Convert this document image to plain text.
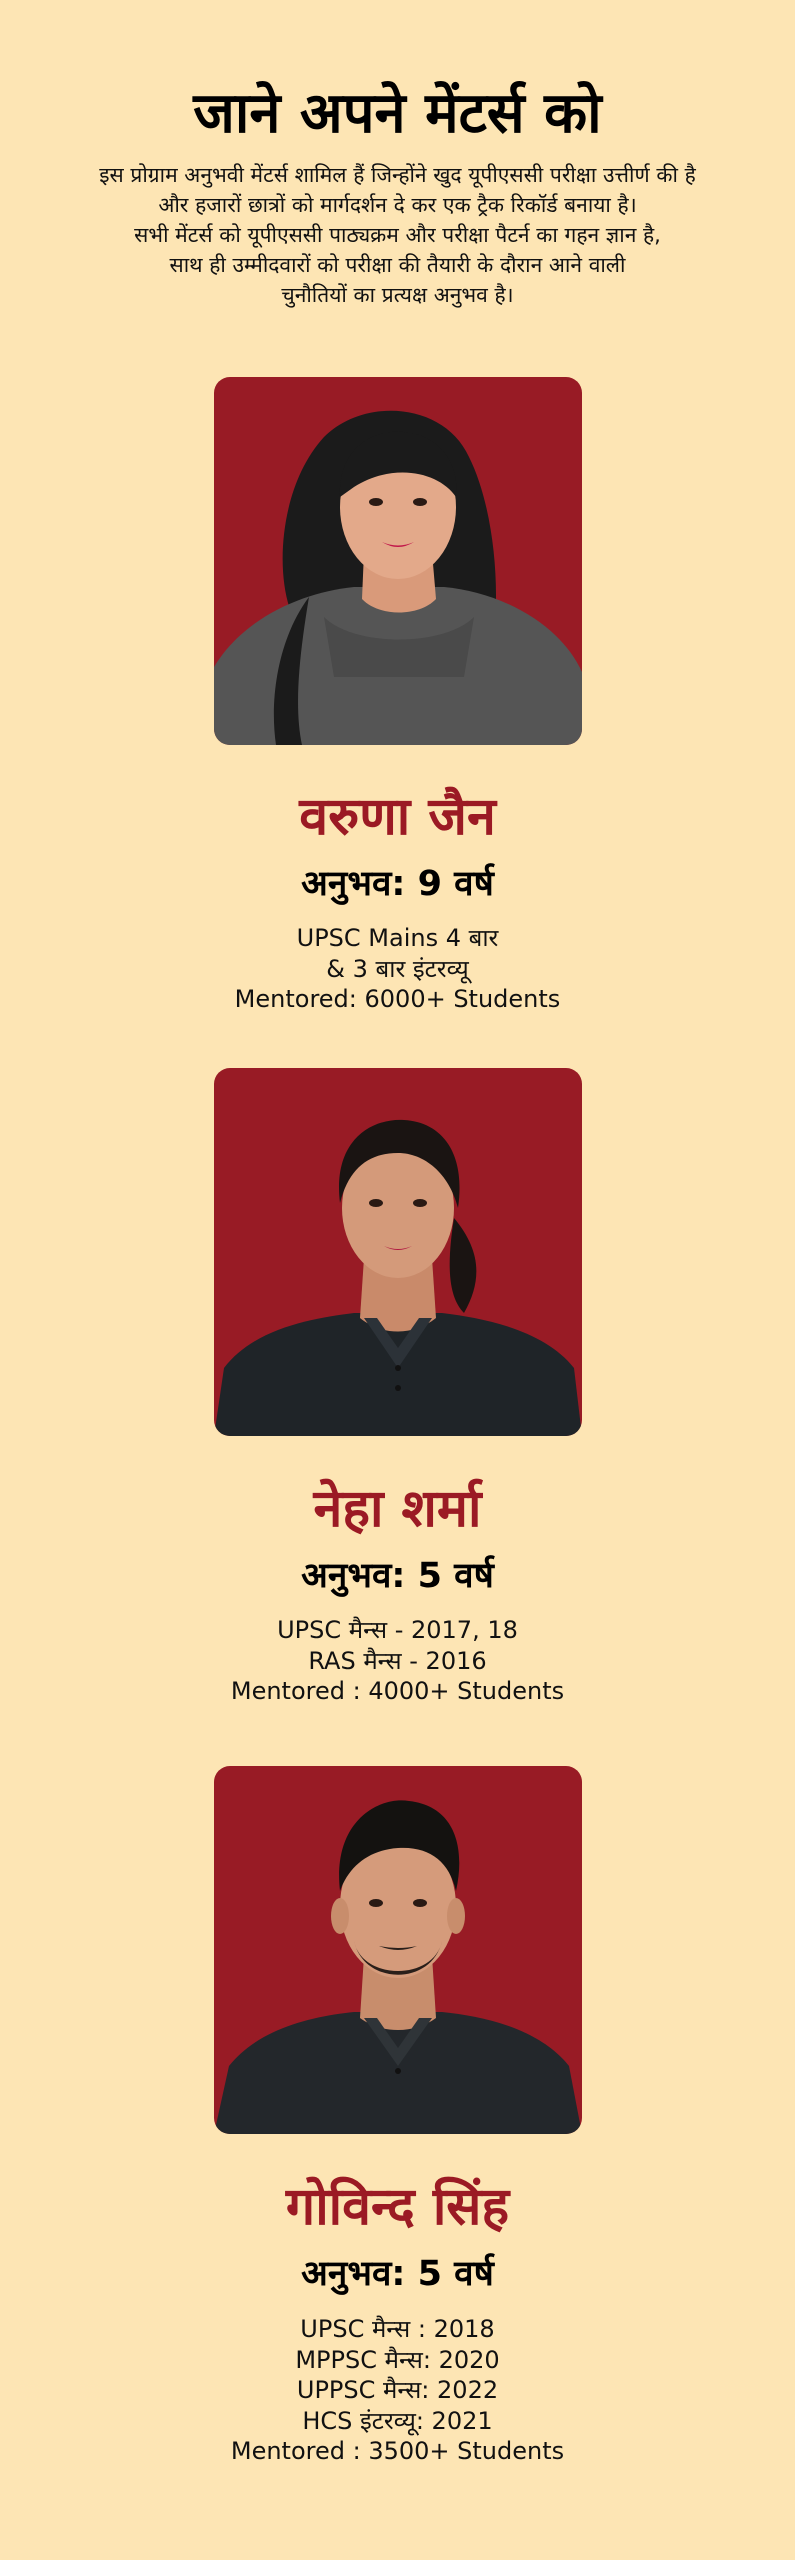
जाने अपने मेंटर्स को
इस प्रोग्राम अनुभवी मेंटर्स शामिल हैं जिन्होंने खुद यूपीएससी परीक्षा उत्तीर्ण की है
और हजारों छात्रों को मार्गदर्शन दे कर एक ट्रैक रिकॉर्ड बनाया है।
सभी मेंटर्स को यूपीएससी पाठ्यक्रम और परीक्षा पैटर्न का गहन ज्ञान है,
साथ ही उम्मीदवारों को परीक्षा की तैयारी के दौरान आने वाली
चुनौतियों का प्रत्यक्ष अनुभव है।
वरुणा जैन
अनुभव: 9 वर्ष
UPSC Mains 4 बार
& 3 बार इंटरव्यू
Mentored: 6000+ Students
नेहा शर्मा
अनुभव: 5 वर्ष
UPSC मैन्स - 2017, 18
RAS मैन्स - 2016
Mentored : 4000+ Students
गोविन्द सिंह
अनुभव: 5 वर्ष
UPSC मैन्स : 2018
MPPSC मैन्स: 2020
UPPSC मैन्स: 2022
HCS इंटरव्यू: 2021
Mentored : 3500+ Students
